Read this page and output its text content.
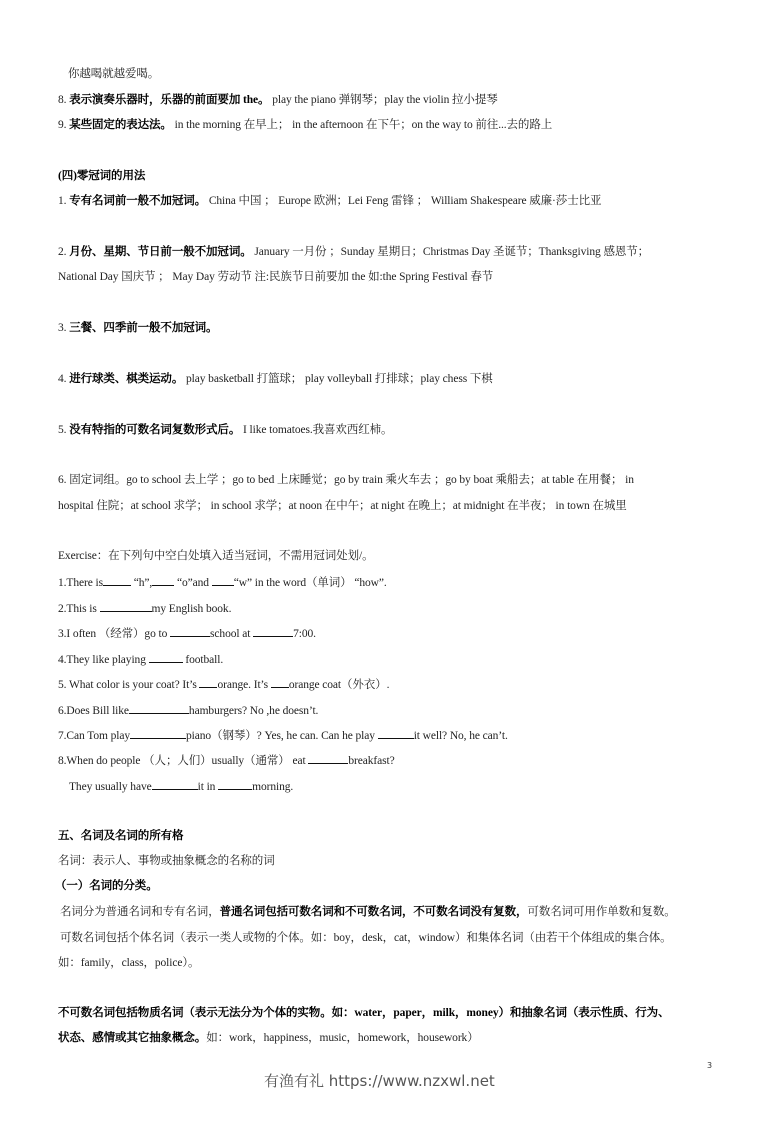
你越喝就越爱喝。
8. 表示演奏乐器时，乐器的前面要加 the。 play the piano 弹钢琴；play the violin 拉小提琴
9. 某些固定的表达法。 in the morning 在早上； in the afternoon 在下午；on the way to 前往...去的路上
(四)零冠词的用法
1. 专有名词前一般不加冠词。 China 中国 ； Europe 欧洲；Lei Feng 雷锋 ； William Shakespeare 威廉·莎士比亚
2. 月份、星期、节日前一般不加冠词。 January 一月份 ；Sunday 星期日；Christmas Day 圣诞节；Thanksgiving 感恩节；
National Day 国庆节 ； May Day 劳动节 注:民族节日前要加 the 如:the Spring Festival 春节
3. 三餐、四季前一般不加冠词。
4. 进行球类、棋类运动。 play basketball 打篮球； play volleyball 打排球；play chess 下棋
5. 没有特指的可数名词复数形式后。 I like tomatoes.我喜欢西红柿。
6. 固定词组。go to school 去上学 ；go to bed 上床睡觉；go by train 乘火车去 ；go by boat 乘船去；at table 在用餐； in
hospital 住院；at school 求学； in school 求学；at noon 在中午；at night 在晚上；at midnight 在半夜； in town 在城里
Exercise：在下列句中空白处填入适当冠词，不需用冠词处划/。
1.There is	“h”, “o”and “w” in the word（单词） “how”.
2.This is	my English book.
3.I often （经常）go to	school at	7:00.
4.They like playing	football.
5. What color is your coat? It’s orange. It’s orange coat（外衣）.
6.Does Bill like	hamburgers? No ,he doesn’t.
7.Can Tom play	piano（钢琴）? Yes, he can. Can he play	it well? No, he can’t.
8.When do people （人；人们）usually（通常） eat	breakfast?
They usually have	it in	morning.
五、名词及名词的所有格
名词：表示人、事物或抽象概念的名称的词
（一）名词的分类。
名词分为普通名词和专有名词，普通名词包括可数名词和不可数名词，不可数名词没有复数，可数名词可用作单数和复数。
可数名词包括个体名词（表示一类人或物的个体。如：boy，desk，cat，window）和集体名词（由若干个体组成的集合体。
如：family，class，police）。
不可数名词包括物质名词（表示无法分为个体的实物。如：water，paper，milk，money）和抽象名词（表示性质、行为、
状态、感情或其它抽象概念。如：work，happiness，music，homework，housework）
3
有渔有礼 https://www.nzxwl.net
